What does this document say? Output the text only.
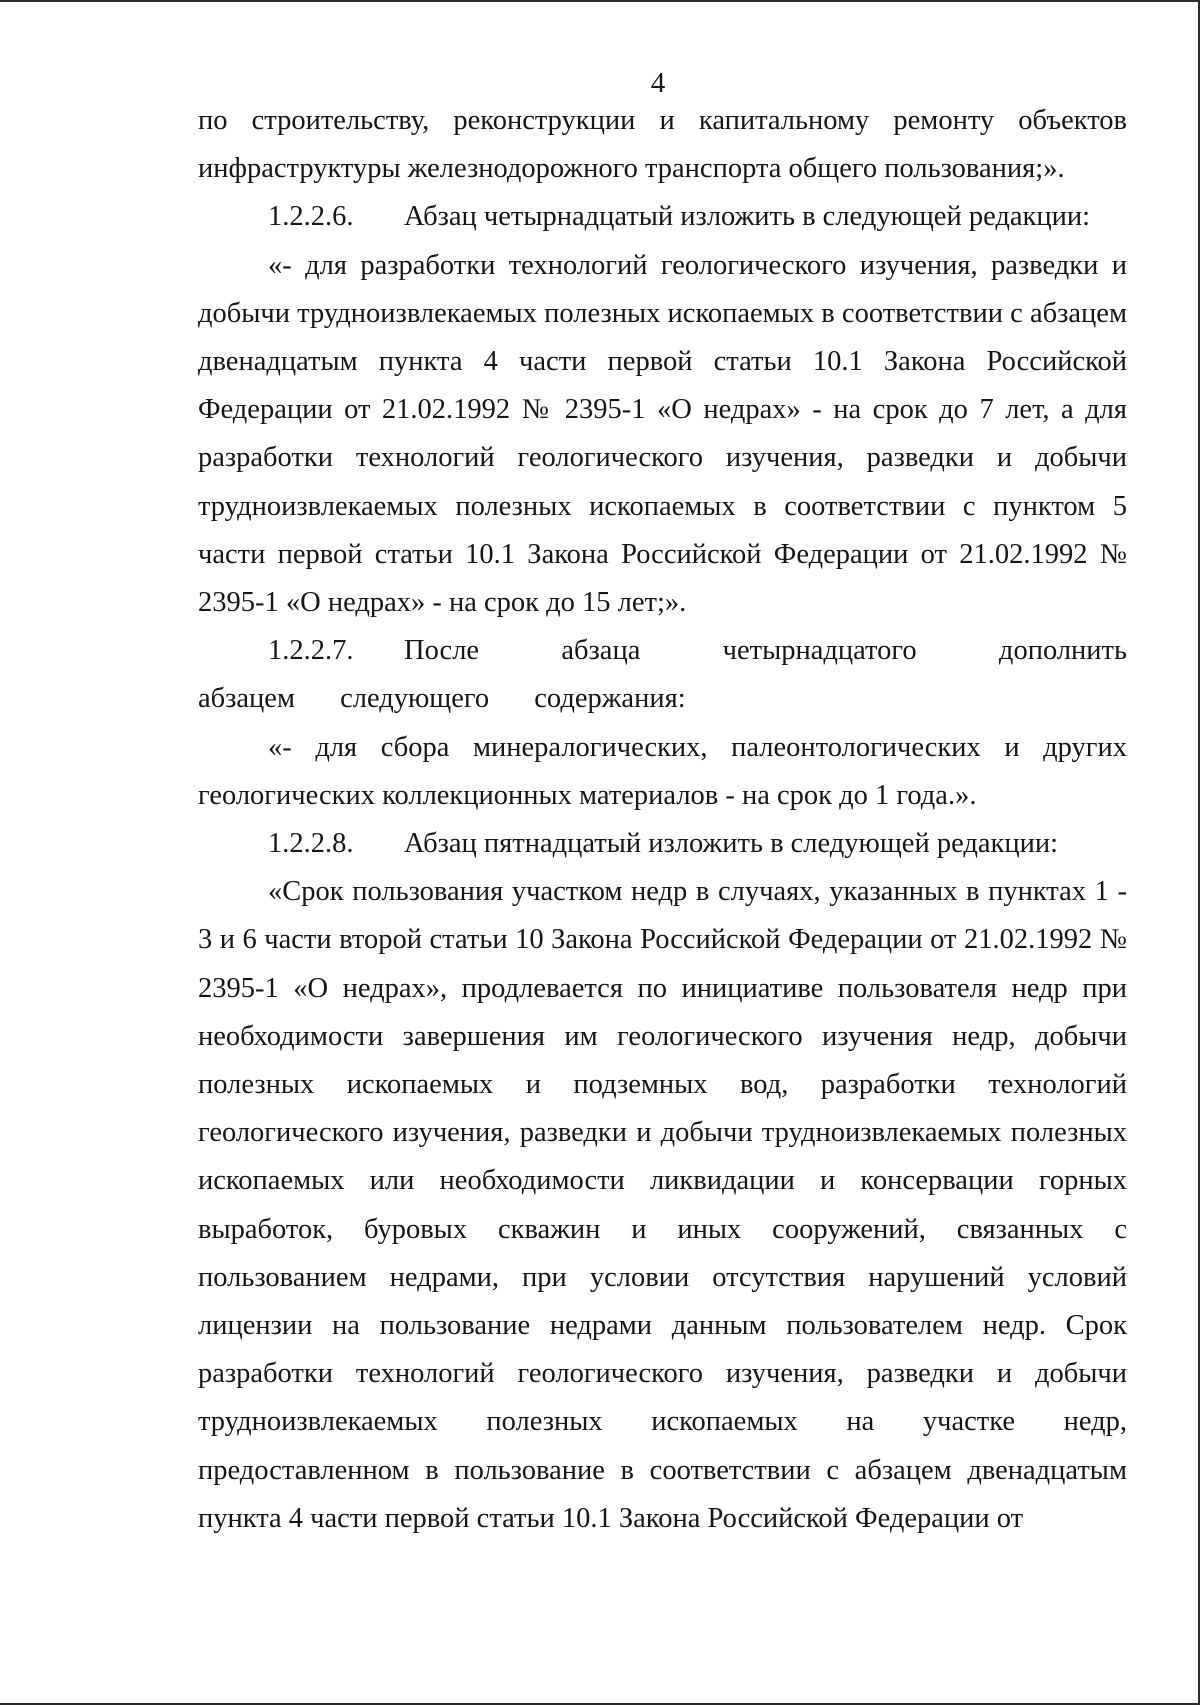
4

по строительству, реконструкции и капитальному ремонту объектов инфраструктуры железнодорожного транспорта общего пользования;».

1.2.2.6. Абзац четырнадцатый изложить в следующей редакции:

«- для разработки технологий геологического изучения, разведки и добычи трудноизвлекаемых полезных ископаемых в соответствии с абзацем двенадцатым пункта 4 части первой статьи 10.1 Закона Российской Федерации от 21.02.1992 № 2395-1 «О недрах» - на срок до 7 лет, а для разработки технологий геологического изучения, разведки и добычи трудноизвлекаемых полезных ископаемых в соответствии с пунктом 5 части первой статьи 10.1 Закона Российской Федерации от 21.02.1992 № 2395-1 «О недрах» - на срок до 15 лет;».

1.2.2.7. После абзаца четырнадцатого дополнить абзацем следующего содержания:

«- для сбора минералогических, палеонтологических и других геологических коллекционных материалов - на срок до 1 года.».

1.2.2.8. Абзац пятнадцатый изложить в следующей редакции:

«Срок пользования участком недр в случаях, указанных в пунктах 1 - 3 и 6 части второй статьи 10 Закона Российской Федерации от 21.02.1992 № 2395-1 «О недрах», продлевается по инициативе пользователя недр при необходимости завершения им геологического изучения недр, добычи полезных ископаемых и подземных вод, разработки технологий геологического изучения, разведки и добычи трудноизвлекаемых полезных ископаемых или необходимости ликвидации и консервации горных выработок, буровых скважин и иных сооружений, связанных с пользованием недрами, при условии отсутствия нарушений условий лицензии на пользование недрами данным пользователем недр. Срок разработки технологий геологического изучения, разведки и добычи трудноизвлекаемых полезных ископаемых на участке недр, предоставленном в пользование в соответствии с абзацем двенадцатым пункта 4 части первой статьи 10.1 Закона Российской Федерации от
